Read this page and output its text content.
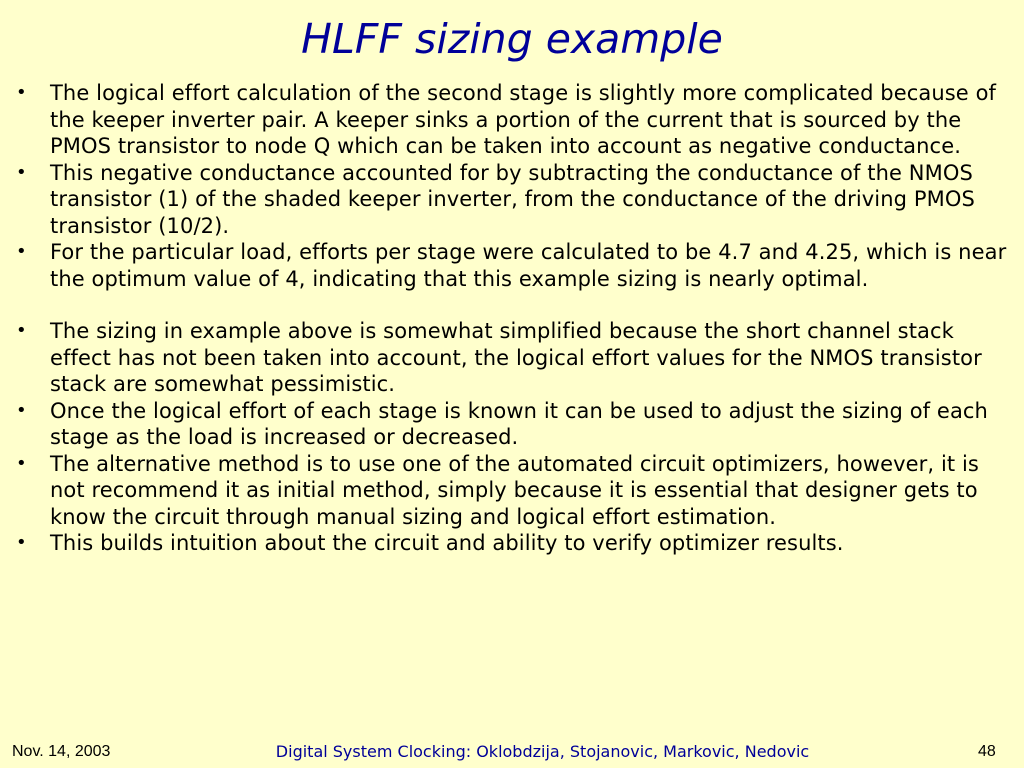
HLFF sizing example
• The logical effort calculation of the second stage is slightly more complicated because of the keeper inverter pair. A keeper sinks a portion of the current that is sourced by the PMOS transistor to node Q which can be taken into account as negative conductance.
• This negative conductance accounted for by subtracting the conductance of the NMOS transistor (1) of the shaded keeper inverter, from the conductance of the driving PMOS transistor (10/2).
• For the particular load, efforts per stage were calculated to be 4.7 and 4.25, which is near the optimum value of 4, indicating that this example sizing is nearly optimal.
• The sizing in example above is somewhat simplified because the short channel stack effect has not been taken into account, the logical effort values for the NMOS transistor stack are somewhat pessimistic.
• Once the logical effort of each stage is known it can be used to adjust the sizing of each stage as the load is increased or decreased.
• The alternative method is to use one of the automated circuit optimizers, however, it is not recommend it as initial method, simply because it is essential that designer gets to know the circuit through manual sizing and logical effort estimation.
• This builds intuition about the circuit and ability to verify optimizer results.
Nov. 14, 2003	Digital System Clocking: Oklobdzija, Stojanovic, Markovic, Nedovic	48
